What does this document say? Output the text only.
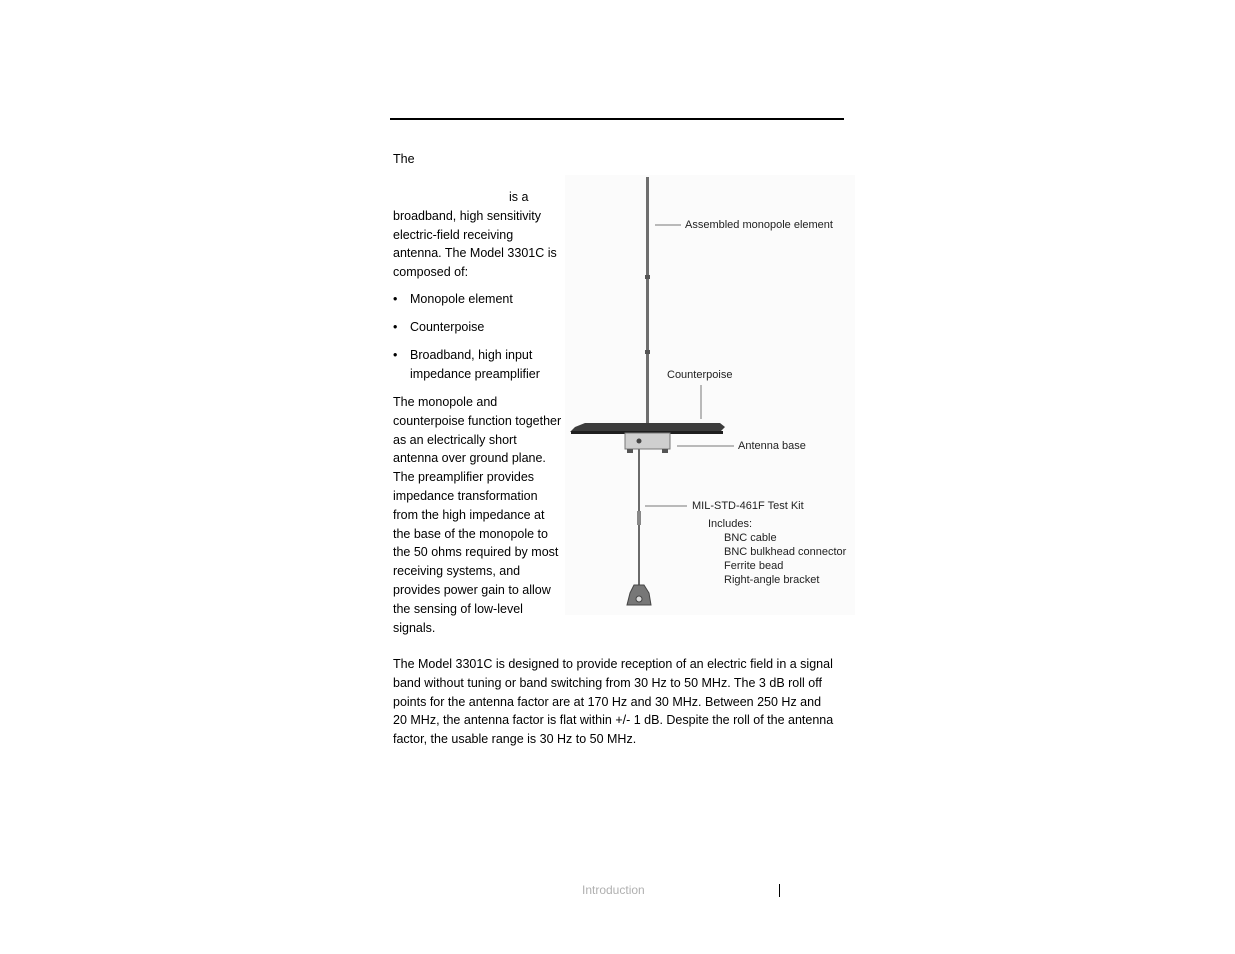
The

is a broadband, high sensitivity electric-field receiving antenna. The Model 3301C is composed of:

• Monopole element
• Counterpoise
• Broadband, high input impedance preamplifier

The monopole and counterpoise function together as an electrically short antenna over ground plane. The preamplifier provides impedance transformation from the high impedance at the base of the monopole to the 50 ohms required by most receiving systems, and provides power gain to allow the sensing of low-level signals.

Assembled monopole element
Counterpoise
Antenna base
MIL-STD-461F Test Kit
Includes:
BNC cable
BNC bulkhead connector
Ferrite bead
Right-angle bracket

The Model 3301C is designed to provide reception of an electric field in a signal band without tuning or band switching from 30 Hz to 50 MHz. The 3 dB roll off points for the antenna factor are at 170 Hz and 30 MHz. Between 250 Hz and 20 MHz, the antenna factor is flat within +/- 1 dB. Despite the roll of the antenna factor, the usable range is 30 Hz to 50 MHz.

Introduction
